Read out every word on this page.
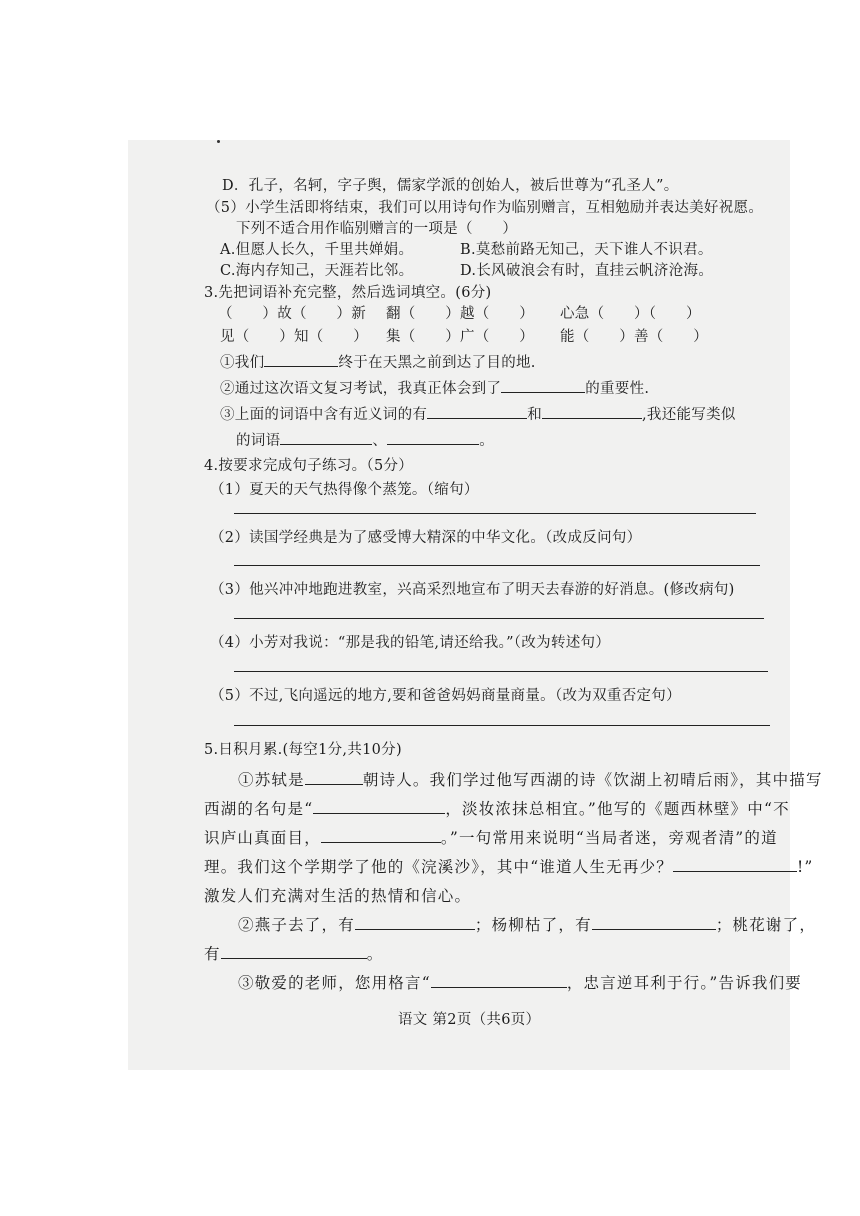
D．孔子，名轲，字子舆，儒家学派的创始人，被后世尊为“孔圣人”。
（5）小学生活即将结束，我们可以用诗句作为临别赠言，互相勉励并表达美好祝愿。
下列不适合用作临别赠言的一项是（　　）
A.但愿人长久，千里共婵娟。	B.莫愁前路无知己，天下谁人不识君。
C.海内存知己，天涯若比邻。	D.长风破浪会有时，直挂云帆济沧海。
3.先把词语补充完整，然后选词填空。(6分)
（　　）故（　　）新 翻（　　）越（　　） 心急（　　）（　　）
见（　　）知（　　） 集（　　）广（　　） 能（　　）善（　　）
①我们	终于在天黑之前到达了目的地.
②通过这次语文复习考试，我真正体会到了	的重要性.
③上面的词语中含有近义词的有	和	,我还能写类似
的词语	、	。
4.按要求完成句子练习。（5分）
（1）夏天的天气热得像个蒸笼。（缩句）
（2）读国学经典是为了感受博大精深的中华文化。（改成反问句）
（3）他兴冲冲地跑进教室，兴高采烈地宣布了明天去春游的好消息。(修改病句)
（4）小芳对我说：“那是我的铅笔,请还给我。”（改为转述句）
（5）不过,飞向遥远的地方,要和爸爸妈妈商量商量。（改为双重否定句）
5.日积月累.(每空1分,共10分)
①苏轼是	朝诗人。我们学过他写西湖的诗《饮湖上初晴后雨》，其中描写
西湖的名句是“	，淡妆浓抹总相宜。”他写的《题西林壁》中“不
识庐山真面目，	。”一句常用来说明“当局者迷，旁观者清”的道
理。我们这个学期学了他的《浣溪沙》，其中“谁道人生无再少？	!”
激发人们充满对生活的热情和信心。
②燕子去了，有	；杨柳枯了，有	；桃花谢了，
有	。
③敬爱的老师，您用格言“	，忠言逆耳利于行。”告诉我们要
语文 第2页（共6页）
